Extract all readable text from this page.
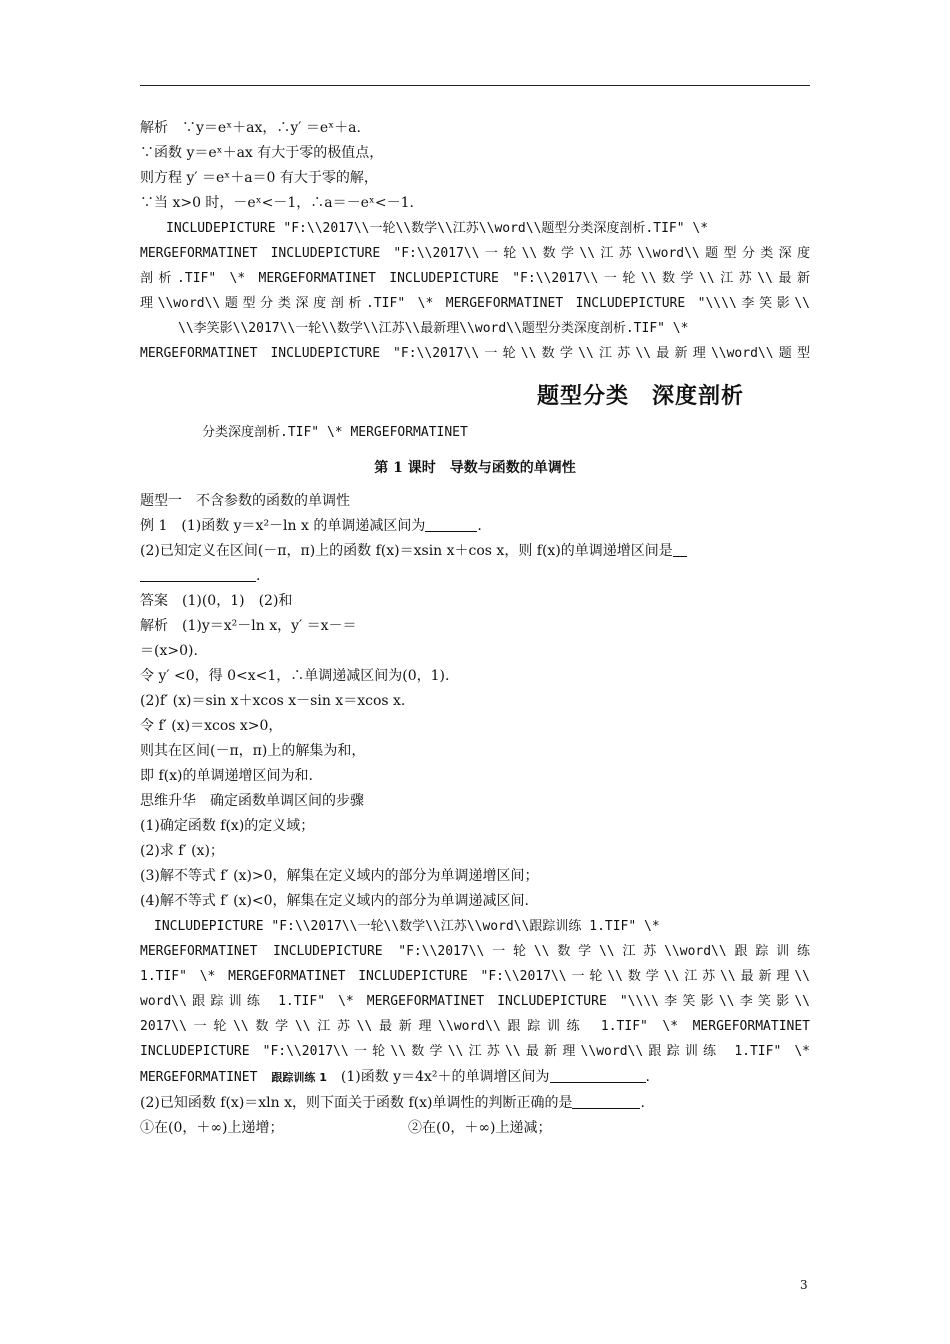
解析　∵y＝eˣ＋ax，∴y′ ＝eˣ＋a.
∵函数 y＝eˣ＋ax 有大于零的极值点，
则方程 y′ ＝eˣ＋a＝0 有大于零的解，
∵当 x>0 时，－eˣ<－1，∴a＝－eˣ<－1.
INCLUDEPICTURE "F:\\2017\\一轮\\数学\\江苏\\word\\题型分类深度剖析.TIF" \*
MERGEFORMATINET INCLUDEPICTURE "F:\\2017\\一轮\\数学\\江苏\\word\\题型分类深度
剖析.TIF" \* MERGEFORMATINET INCLUDEPICTURE "F:\\2017\\一轮\\数学\\江苏\\最新
理\\word\\题型分类深度剖析.TIF" \* MERGEFORMATINET INCLUDEPICTURE "\\\\李笑影\\
\\李笑影\\2017\\一轮\\数学\\江苏\\最新理\\word\\题型分类深度剖析.TIF" \*
MERGEFORMATINET INCLUDEPICTURE "F:\\2017\\一轮\\数学\\江苏\\最新理\\word\\题型
题型分类　深度剖析
分类深度剖析.TIF" \* MERGEFORMATINET
第 1 课时　导数与函数的单调性
题型一　不含参数的函数的单调性
例 1　(1)函数 y＝x²－ln x 的单调递减区间为	.
(2)已知定义在区间(－π，π)上的函数 f(x)＝xsin x＋cos x，则 f(x)的单调递增区间是
.
答案　(1)(0，1)　(2)和
解析　(1)y＝x²－ln x，y′ ＝x－＝
＝(x>0).
令 y′ <0，得 0<x<1，∴单调递减区间为(0，1).
(2)f′ (x)＝sin x＋xcos x－sin x＝xcos x.
令 f′ (x)＝xcos x>0，
则其在区间(－π，π)上的解集为和，
即 f(x)的单调递增区间为和.
思维升华　确定函数单调区间的步骤
(1)确定函数 f(x)的定义域；
(2)求 f′ (x)；
(3)解不等式 f′ (x)>0，解集在定义域内的部分为单调递增区间；
(4)解不等式 f′ (x)<0，解集在定义域内的部分为单调递减区间.
INCLUDEPICTURE "F:\\2017\\一轮\\数学\\江苏\\word\\跟踪训练 1.TIF" \*
MERGEFORMATINET INCLUDEPICTURE "F:\\2017\\一轮\\数学\\江苏\\word\\跟踪训练
1.TIF" \* MERGEFORMATINET INCLUDEPICTURE "F:\\2017\\一轮\\数学\\江苏\\最新理\\
word\\跟踪训练 1.TIF" \* MERGEFORMATINET INCLUDEPICTURE "\\\\李笑影\\李笑影\\
2017\\一轮\\数学\\江苏\\最新理\\word\\跟踪训练 1.TIF" \* MERGEFORMATINET
INCLUDEPICTURE "F:\\2017\\一轮\\数学\\江苏\\最新理\\word\\跟踪训练 1.TIF" \*
MERGEFORMATINET 跟踪训练 1 (1)函数 y＝4x²＋的单调增区间为	.
(2)已知函数 f(x)＝xln x，则下面关于函数 f(x)单调性的判断正确的是	.
①在(0，＋∞)上递增；	②在(0，＋∞)上递减；
3
